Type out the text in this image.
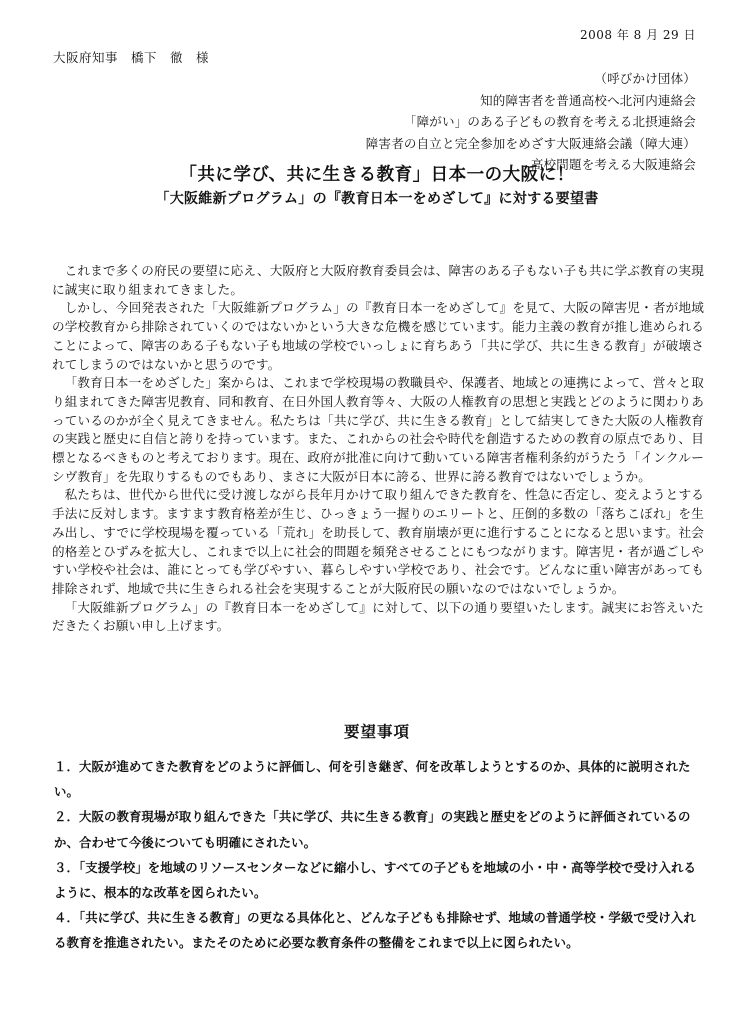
2008 年 8 月 29 日
大阪府知事　橋下　徹　様
（呼びかけ団体）
知的障害者を普通高校へ北河内連絡会
「障がい」のある子どもの教育を考える北摂連絡会
障害者の自立と完全参加をめざす大阪連絡会議（障大連）
高校問題を考える大阪連絡会
「共に学び、共に生きる教育」日本一の大阪に！
「大阪維新プログラム」の『教育日本一をめざして』に対する要望書

これまで多くの府民の要望に応え、大阪府と大阪府教育委員会は、障害のある子もない子も共に学ぶ教育の実現に誠実に取り組まれてきました。

しかし、今回発表された「大阪維新プログラム」の『教育日本一をめざして』を見て、大阪の障害児・者が地域の学校教育から排除されていくのではないかという大きな危機を感じています。能力主義の教育が推し進められることによって、障害のある子もない子も地域の学校でいっしょに育ちあう「共に学び、共に生きる教育」が破壊されてしまうのではないかと思うのです。

「教育日本一をめざした」案からは、これまで学校現場の教職員や、保護者、地域との連携によって、営々と取り組まれてきた障害児教育、同和教育、在日外国人教育等々、大阪の人権教育の思想と実践とどのように関わりあっているのかが全く見えてきません。私たちは「共に学び、共に生きる教育」として結実してきた大阪の人権教育の実践と歴史に自信と誇りを持っています。また、これからの社会や時代を創造するための教育の原点であり、目標となるべきものと考えております。現在、政府が批准に向けて動いている障害者権利条約がうたう「インクルーシヴ教育」を先取りするものでもあり、まさに大阪が日本に誇る、世界に誇る教育ではないでしょうか。

私たちは、世代から世代に受け渡しながら長年月かけて取り組んできた教育を、性急に否定し、変えようとする手法に反対します。ますます教育格差が生じ、ひっきょう一握りのエリートと、圧倒的多数の「落ちこぼれ」を生み出し、すでに学校現場を覆っている「荒れ」を助長して、教育崩壊が更に進行することになると思います。社会的格差とひずみを拡大し、これまで以上に社会的問題を頻発させることにもつながります。障害児・者が過ごしやすい学校や社会は、誰にとっても学びやすい、暮らしやすい学校であり、社会です。どんなに重い障害があっても排除されず、地域で共に生きられる社会を実現することが大阪府民の願いなのではないでしょうか。

「大阪維新プログラム」の『教育日本一をめざして』に対して、以下の通り要望いたします。誠実にお答えいただきたくお願い申し上げます。

要望事項
１．大阪が進めてきた教育をどのように評価し、何を引き継ぎ、何を改革しようとするのか、具体的に説明されたい。
２．大阪の教育現場が取り組んできた「共に学び、共に生きる教育」の実践と歴史をどのように評価されているのか、合わせて今後についても明確にされたい。
３．「支援学校」を地域のリソースセンターなどに縮小し、すべての子どもを地域の小・中・高等学校で受け入れるように、根本的な改革を図られたい。
４．「共に学び、共に生きる教育」の更なる具体化と、どんな子どもも排除せず、地域の普通学校・学級で受け入れる教育を推進されたい。またそのために必要な教育条件の整備をこれまで以上に図られたい。
